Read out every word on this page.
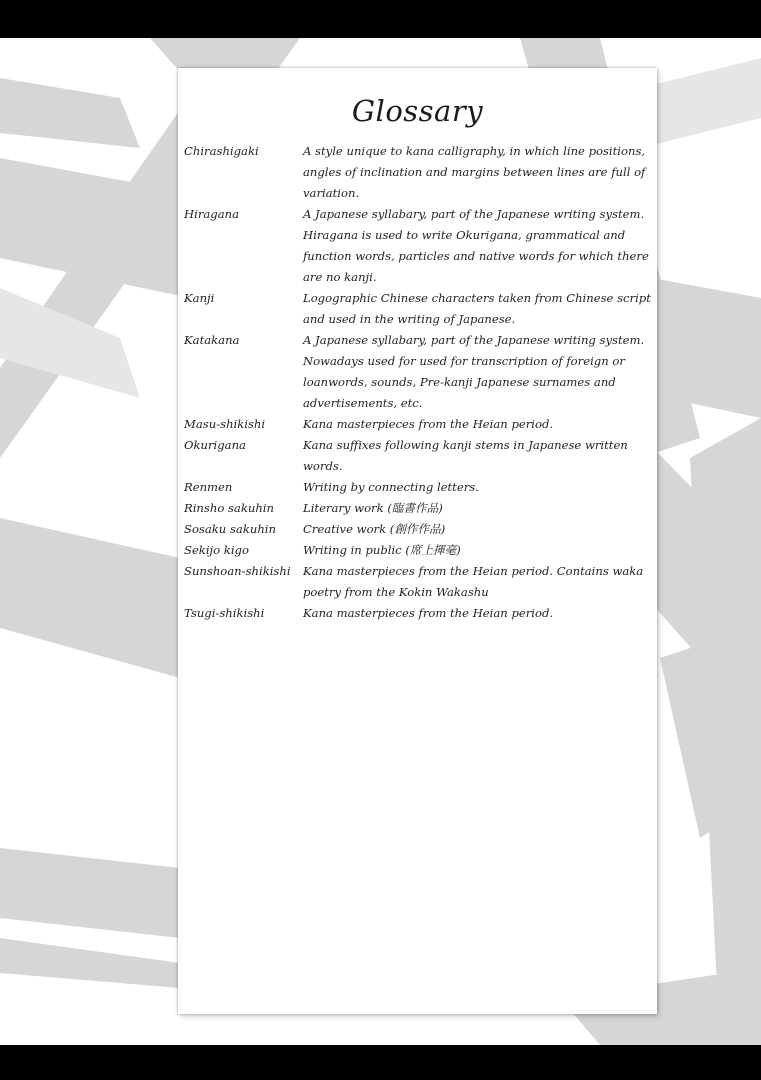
Glossary
Chirashigaki	A style unique to kana calligraphy, in which line positions, angles of inclination and margins between lines are full of variation.
Hiragana	A Japanese syllabary, part of the Japanese writing system. Hiragana is used to write Okurigana, grammatical and function words, particles and native words for which there are no kanji.
Kanji	Logographic Chinese characters taken from Chinese script and used in the writing of Japanese.
Katakana	A Japanese syllabary, part of the Japanese writing system. Nowadays used for used for transcription of foreign or loanwords, sounds, Pre-kanji Japanese surnames and advertisements, etc.
Masu-shikishi	Kana masterpieces from the Heian period.
Okurigana	Kana suffixes following kanji stems in Japanese written words.
Renmen	Writing by connecting letters.
Rinsho sakuhin	Literary work (臨書作品)
Sosaku sakuhin	Creative work (創作作品)
Sekijo kigo	Writing in public (席上揮毫)
Sunshoan-shikishi	Kana masterpieces from the Heian period. Contains waka poetry from the Kokin Wakashu
Tsugi-shikishi	Kana masterpieces from the Heian period.
